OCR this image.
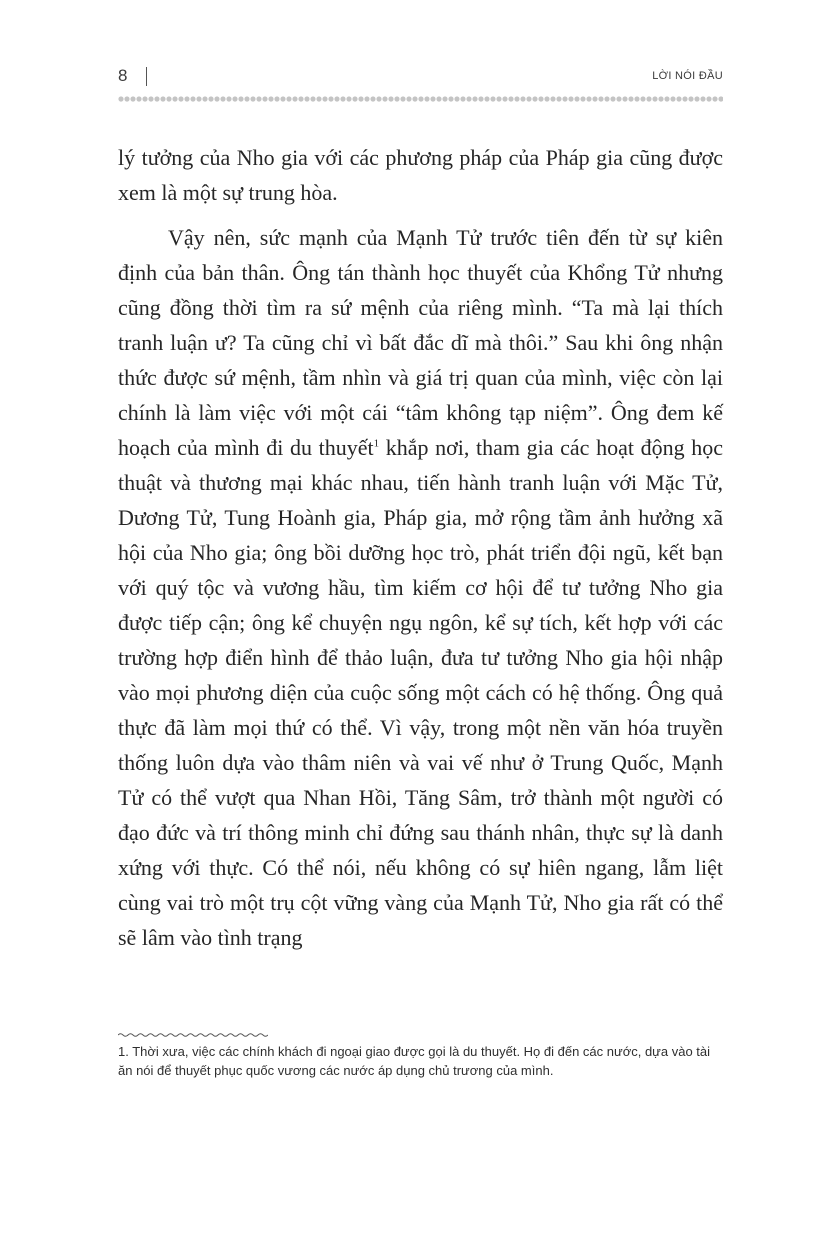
8	LỜI NÓI ĐẦU

lý tưởng của Nho gia với các phương pháp của Pháp gia cũng được xem là một sự trung hòa.

Vậy nên, sức mạnh của Mạnh Tử trước tiên đến từ sự kiên định của bản thân. Ông tán thành học thuyết của Khổng Tử nhưng cũng đồng thời tìm ra sứ mệnh của riêng mình. “Ta mà lại thích tranh luận ư? Ta cũng chỉ vì bất đắc dĩ mà thôi.” Sau khi ông nhận thức được sứ mệnh, tầm nhìn và giá trị quan của mình, việc còn lại chính là làm việc với một cái “tâm không tạp niệm”. Ông đem kế hoạch của mình đi du thuyết$^1$ khắp nơi, tham gia các hoạt động học thuật và thương mại khác nhau, tiến hành tranh luận với Mặc Tử, Dương Tử, Tung Hoành gia, Pháp gia, mở rộng tầm ảnh hưởng xã hội của Nho gia; ông bồi dưỡng học trò, phát triển đội ngũ, kết bạn với quý tộc và vương hầu, tìm kiếm cơ hội để tư tưởng Nho gia được tiếp cận; ông kể chuyện ngụ ngôn, kể sự tích, kết hợp với các trường hợp điển hình để thảo luận, đưa tư tưởng Nho gia hội nhập vào mọi phương diện của cuộc sống một cách có hệ thống. Ông quả thực đã làm mọi thứ có thể. Vì vậy, trong một nền văn hóa truyền thống luôn dựa vào thâm niên và vai vế như ở Trung Quốc, Mạnh Tử có thể vượt qua Nhan Hồi, Tăng Sâm, trở thành một người có đạo đức và trí thông minh chỉ đứng sau thánh nhân, thực sự là danh xứng với thực. Có thể nói, nếu không có sự hiên ngang, lẫm liệt cùng vai trò một trụ cột vững vàng của Mạnh Tử, Nho gia rất có thể sẽ lâm vào tình trạng

1. Thời xưa, việc các chính khách đi ngoại giao được gọi là du thuyết. Họ đi đến các nước, dựa vào tài ăn nói để thuyết phục quốc vương các nước áp dụng chủ trương của mình.
